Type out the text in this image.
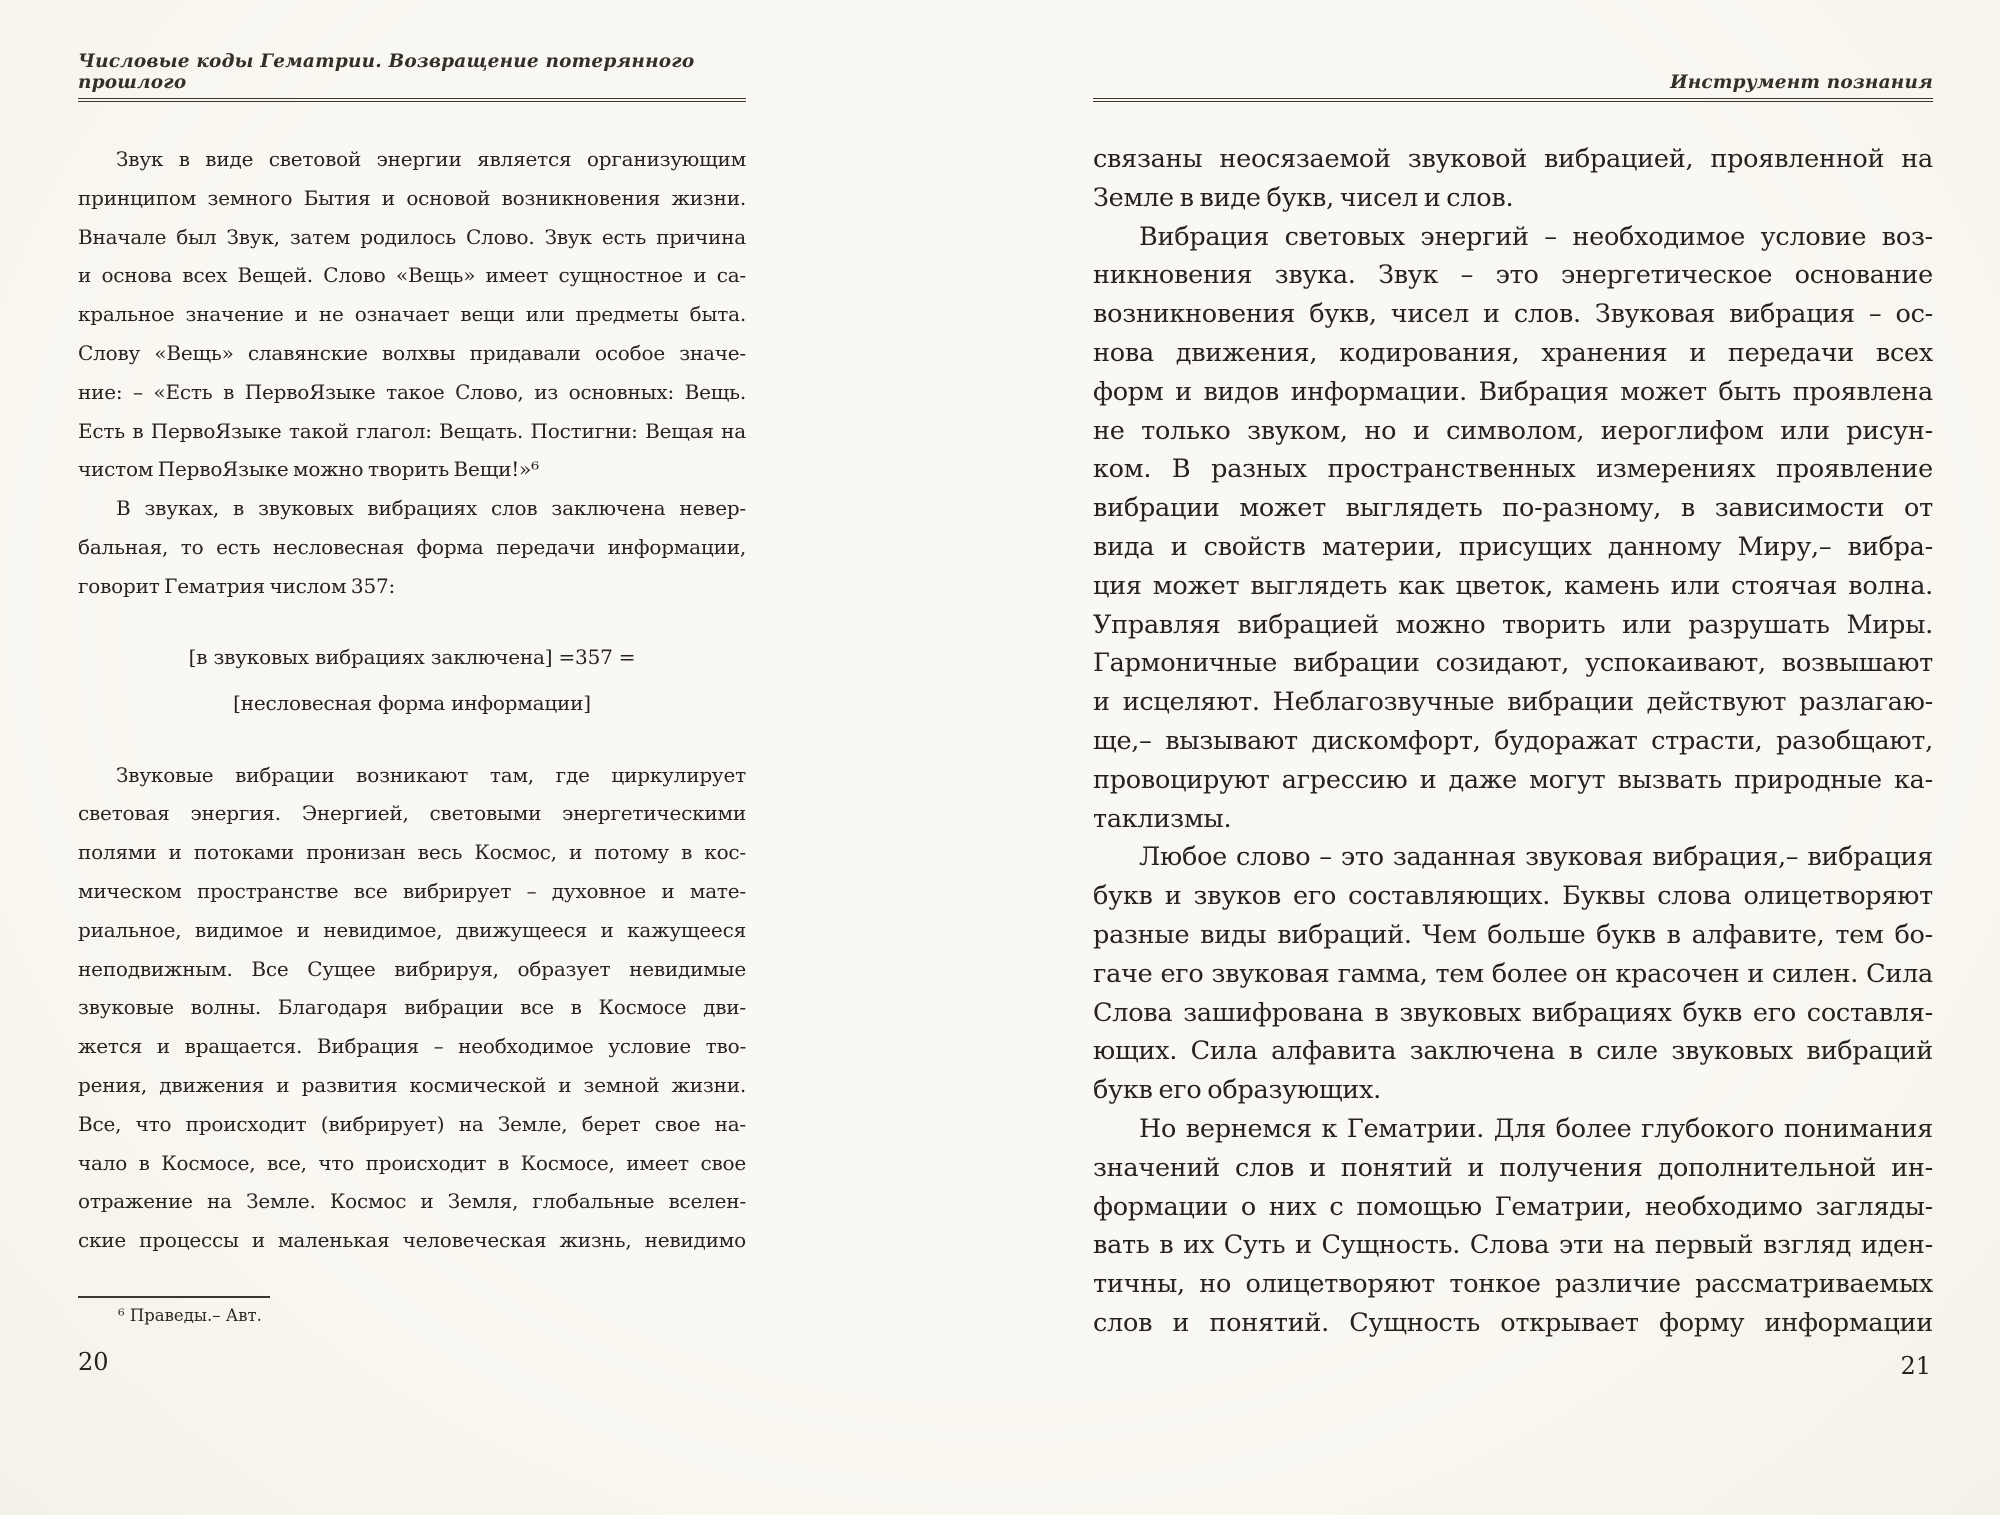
Числовые коды Гематрии. Возвращение потерянного прошлого
Звук в виде световой энергии является организующим
принципом земного Бытия и основой возникновения жизни.
Вначале был Звук, затем родилось Слово. Звук есть причина
и основа всех Вещей. Слово «Вещь» имеет сущностное и са-
кральное значение и не означает вещи или предметы быта.
Слову «Вещь» славянские волхвы придавали особое значе-
ние: – «Есть в ПервоЯзыке такое Слово, из основных: Вещь.
Есть в ПервоЯзыке такой глагол: Вещать. Постигни: Вещая на
чистом ПервоЯзыке можно творить Вещи!»⁶
В звуках, в звуковых вибрациях слов заключена невер-
бальная, то есть несловесная форма передачи информации,
говорит Гематрия числом 357:
[в звуковых вибрациях заключена] =357 =
[несловесная форма информации]
Звуковые вибрации возникают там, где циркулирует
световая энергия. Энергией, световыми энергетическими
полями и потоками пронизан весь Космос, и потому в кос-
мическом пространстве все вибрирует – духовное и мате-
риальное, видимое и невидимое, движущееся и кажущееся
неподвижным. Все Сущее вибрируя, образует невидимые
звуковые волны. Благодаря вибрации все в Космосе дви-
жется и вращается. Вибрация – необходимое условие тво-
рения, движения и развития космической и земной жизни.
Все, что происходит (вибрирует) на Земле, берет свое на-
чало в Космосе, все, что происходит в Космосе, имеет свое
отражение на Земле. Космос и Земля, глобальные вселен-
ские процессы и маленькая человеческая жизнь, невидимо
⁶ Праведы.– Авт.
20
Инструмент познания
связаны неосязаемой звуковой вибрацией, проявленной на
Земле в виде букв, чисел и слов.
Вибрация световых энергий – необходимое условие воз-
никновения звука. Звук – это энергетическое основание
возникновения букв, чисел и слов. Звуковая вибрация – ос-
нова движения, кодирования, хранения и передачи всех
форм и видов информации. Вибрация может быть проявлена
не только звуком, но и символом, иероглифом или рисун-
ком. В разных пространственных измерениях проявление
вибрации может выглядеть по-разному, в зависимости от
вида и свойств материи, присущих данному Миру,– вибра-
ция может выглядеть как цветок, камень или стоячая волна.
Управляя вибрацией можно творить или разрушать Миры.
Гармоничные вибрации созидают, успокаивают, возвышают
и исцеляют. Неблагозвучные вибрации действуют разлагаю-
ще,– вызывают дискомфорт, будоражат страсти, разобщают,
провоцируют агрессию и даже могут вызвать природные ка-
таклизмы.
Любое слово – это заданная звуковая вибрация,– вибрация
букв и звуков его составляющих. Буквы слова олицетворяют
разные виды вибраций. Чем больше букв в алфавите, тем бо-
гаче его звуковая гамма, тем более он красочен и силен. Сила
Слова зашифрована в звуковых вибрациях букв его составля-
ющих. Сила алфавита заключена в силе звуковых вибраций
букв его образующих.
Но вернемся к Гематрии. Для более глубокого понимания
значений слов и понятий и получения дополнительной ин-
формации о них с помощью Гематрии, необходимо загляды-
вать в их Суть и Сущность. Слова эти на первый взгляд иден-
тичны, но олицетворяют тонкое различие рассматриваемых
слов и понятий. Сущность открывает форму информации
21
